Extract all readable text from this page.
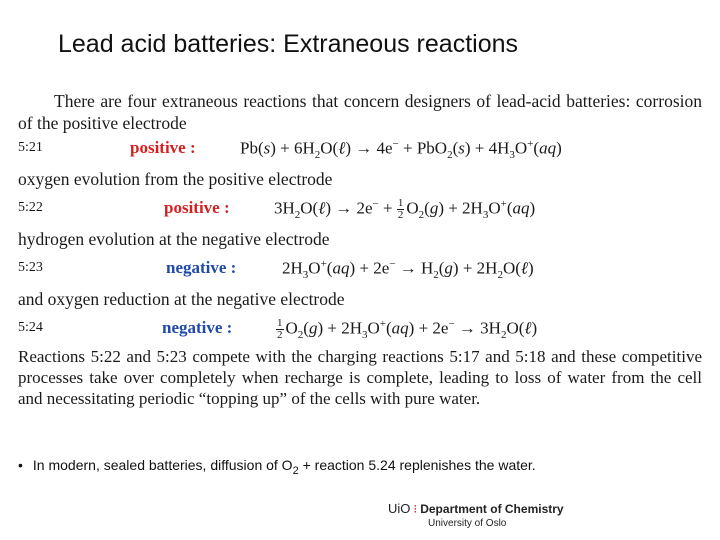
Lead acid batteries: Extraneous reactions
There are four extraneous reactions that concern designers of lead-acid batteries: corrosion of the positive electrode
5:21	positive :	$Pb(s) + 6H_2O(\ell) \to 4e^- + PbO_2(s) + 4H_3O^+(aq)$
oxygen evolution from the positive electrode
5:22	positive :	$3H_2O(\ell) \to 2e^- + \frac{1}{2} O_2(g) + 2H_3O^+(aq)$
hydrogen evolution at the negative electrode
5:23	negative :	$2H_3O^+(aq) + 2e^- \to H_2(g)$ + $2H_2O(\ell)$
and oxygen reduction at the negative electrode
5:24	negative :	$\frac{1}{2} O_2(g) + 2H_3O^+(aq) + 2e^-$ → $3H_2O(\ell)$
Reactions 5:22 and 5:23 compete with the charging reactions 5:17 and 5:18 and these competitive processes take over completely when recharge is complete, leading to loss of water from the cell and necessitating periodic “topping up” of the cells with pure water.
• In modern, sealed batteries, diffusion of $O_2$ + reaction 5.24 replenishes the water.
UiO ⁝ Department of Chemistry
University of Oslo
